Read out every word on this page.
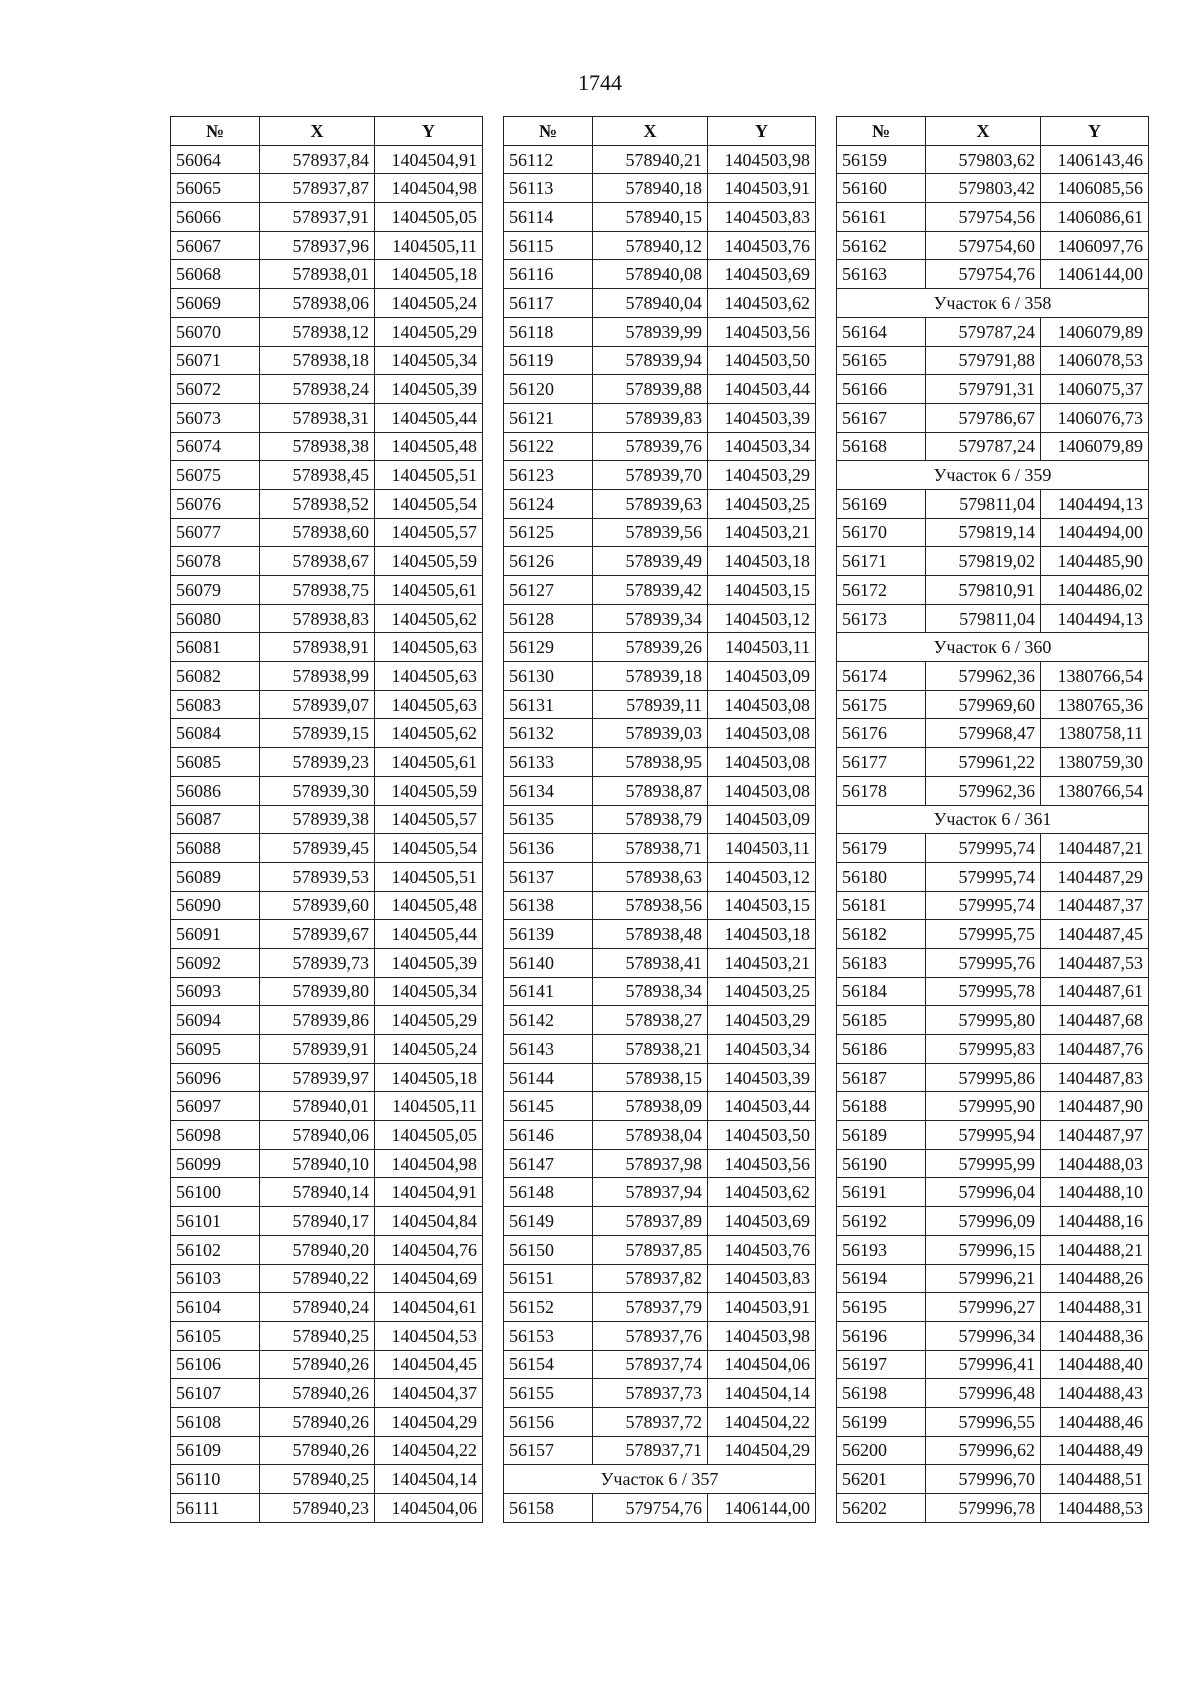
1744
№	X	Y
56064	578937,84	1404504,91
56065	578937,87	1404504,98
56066	578937,91	1404505,05
56067	578937,96	1404505,11
56068	578938,01	1404505,18
56069	578938,06	1404505,24
56070	578938,12	1404505,29
56071	578938,18	1404505,34
56072	578938,24	1404505,39
56073	578938,31	1404505,44
56074	578938,38	1404505,48
56075	578938,45	1404505,51
56076	578938,52	1404505,54
56077	578938,60	1404505,57
56078	578938,67	1404505,59
56079	578938,75	1404505,61
56080	578938,83	1404505,62
56081	578938,91	1404505,63
56082	578938,99	1404505,63
56083	578939,07	1404505,63
56084	578939,15	1404505,62
56085	578939,23	1404505,61
56086	578939,30	1404505,59
56087	578939,38	1404505,57
56088	578939,45	1404505,54
56089	578939,53	1404505,51
56090	578939,60	1404505,48
56091	578939,67	1404505,44
56092	578939,73	1404505,39
56093	578939,80	1404505,34
56094	578939,86	1404505,29
56095	578939,91	1404505,24
56096	578939,97	1404505,18
56097	578940,01	1404505,11
56098	578940,06	1404505,05
56099	578940,10	1404504,98
56100	578940,14	1404504,91
56101	578940,17	1404504,84
56102	578940,20	1404504,76
56103	578940,22	1404504,69
56104	578940,24	1404504,61
56105	578940,25	1404504,53
56106	578940,26	1404504,45
56107	578940,26	1404504,37
56108	578940,26	1404504,29
56109	578940,26	1404504,22
56110	578940,25	1404504,14
56111	578940,23	1404504,06
№	X	Y
56112	578940,21	1404503,98
56113	578940,18	1404503,91
56114	578940,15	1404503,83
56115	578940,12	1404503,76
56116	578940,08	1404503,69
56117	578940,04	1404503,62
56118	578939,99	1404503,56
56119	578939,94	1404503,50
56120	578939,88	1404503,44
56121	578939,83	1404503,39
56122	578939,76	1404503,34
56123	578939,70	1404503,29
56124	578939,63	1404503,25
56125	578939,56	1404503,21
56126	578939,49	1404503,18
56127	578939,42	1404503,15
56128	578939,34	1404503,12
56129	578939,26	1404503,11
56130	578939,18	1404503,09
56131	578939,11	1404503,08
56132	578939,03	1404503,08
56133	578938,95	1404503,08
56134	578938,87	1404503,08
56135	578938,79	1404503,09
56136	578938,71	1404503,11
56137	578938,63	1404503,12
56138	578938,56	1404503,15
56139	578938,48	1404503,18
56140	578938,41	1404503,21
56141	578938,34	1404503,25
56142	578938,27	1404503,29
56143	578938,21	1404503,34
56144	578938,15	1404503,39
56145	578938,09	1404503,44
56146	578938,04	1404503,50
56147	578937,98	1404503,56
56148	578937,94	1404503,62
56149	578937,89	1404503,69
56150	578937,85	1404503,76
56151	578937,82	1404503,83
56152	578937,79	1404503,91
56153	578937,76	1404503,98
56154	578937,74	1404504,06
56155	578937,73	1404504,14
56156	578937,72	1404504,22
56157	578937,71	1404504,29
Участок 6 / 357		
56158	579754,76	1406144,00
№	X	Y
56159	579803,62	1406143,46
56160	579803,42	1406085,56
56161	579754,56	1406086,61
56162	579754,60	1406097,76
56163	579754,76	1406144,00
Участок 6 / 358		
56164	579787,24	1406079,89
56165	579791,88	1406078,53
56166	579791,31	1406075,37
56167	579786,67	1406076,73
56168	579787,24	1406079,89
Участок 6 / 359		
56169	579811,04	1404494,13
56170	579819,14	1404494,00
56171	579819,02	1404485,90
56172	579810,91	1404486,02
56173	579811,04	1404494,13
Участок 6 / 360		
56174	579962,36	1380766,54
56175	579969,60	1380765,36
56176	579968,47	1380758,11
56177	579961,22	1380759,30
56178	579962,36	1380766,54
Участок 6 / 361		
56179	579995,74	1404487,21
56180	579995,74	1404487,29
56181	579995,74	1404487,37
56182	579995,75	1404487,45
56183	579995,76	1404487,53
56184	579995,78	1404487,61
56185	579995,80	1404487,68
56186	579995,83	1404487,76
56187	579995,86	1404487,83
56188	579995,90	1404487,90
56189	579995,94	1404487,97
56190	579995,99	1404488,03
56191	579996,04	1404488,10
56192	579996,09	1404488,16
56193	579996,15	1404488,21
56194	579996,21	1404488,26
56195	579996,27	1404488,31
56196	579996,34	1404488,36
56197	579996,41	1404488,40
56198	579996,48	1404488,43
56199	579996,55	1404488,46
56200	579996,62	1404488,49
56201	579996,70	1404488,51
56202	579996,78	1404488,53
